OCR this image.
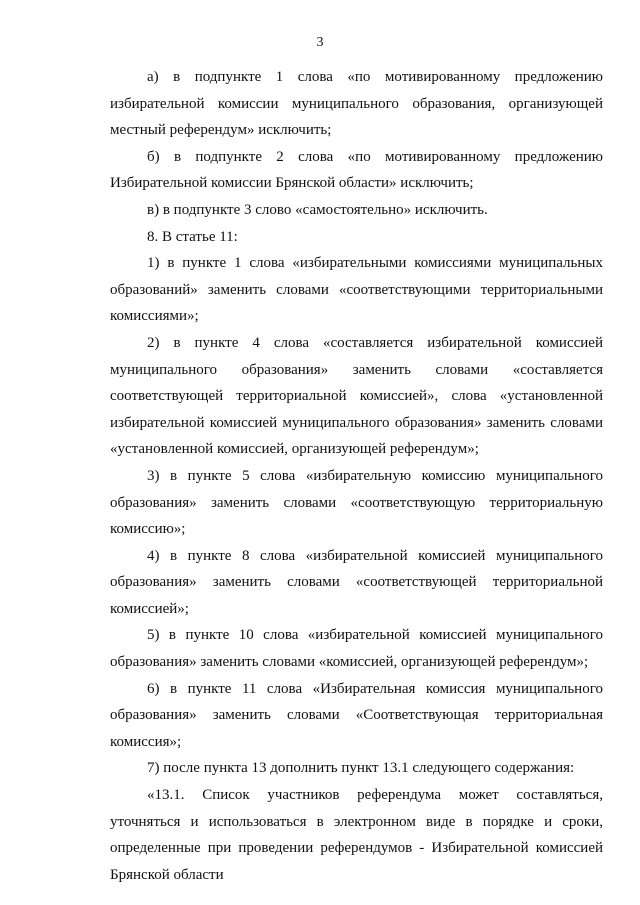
3

а) в подпункте 1 слова «по мотивированному предложению избирательной комиссии муниципального образования, организующей местный референдум» исключить;

б) в подпункте 2 слова «по мотивированному предложению Избирательной комиссии Брянской области» исключить;

в) в подпункте 3 слово «самостоятельно» исключить.

8. В статье 11:

1) в пункте 1 слова «избирательными комиссиями муниципальных образований» заменить словами «соответствующими территориальными комиссиями»;

2) в пункте 4 слова «составляется избирательной комиссией муниципального образования» заменить словами «составляется соответствующей территориальной комиссией», слова «установленной избирательной комиссией муниципального образования» заменить словами «установленной комиссией, организующей референдум»;

3) в пункте 5 слова «избирательную комиссию муниципального образования» заменить словами «соответствующую территориальную комиссию»;

4) в пункте 8 слова «избирательной комиссией муниципального образования» заменить словами «соответствующей территориальной комиссией»;

5) в пункте 10 слова «избирательной комиссией муниципального образования» заменить словами «комиссией, организующей референдум»;

6) в пункте 11 слова «Избирательная комиссия муниципального образования» заменить словами «Соответствующая территориальная комиссия»;

7) после пункта 13 дополнить пункт 13.1 следующего содержания:

«13.1. Список участников референдума может составляться, уточняться и использоваться в электронном виде в порядке и сроки, определенные при проведении референдумов - Избирательной комиссией Брянской области
